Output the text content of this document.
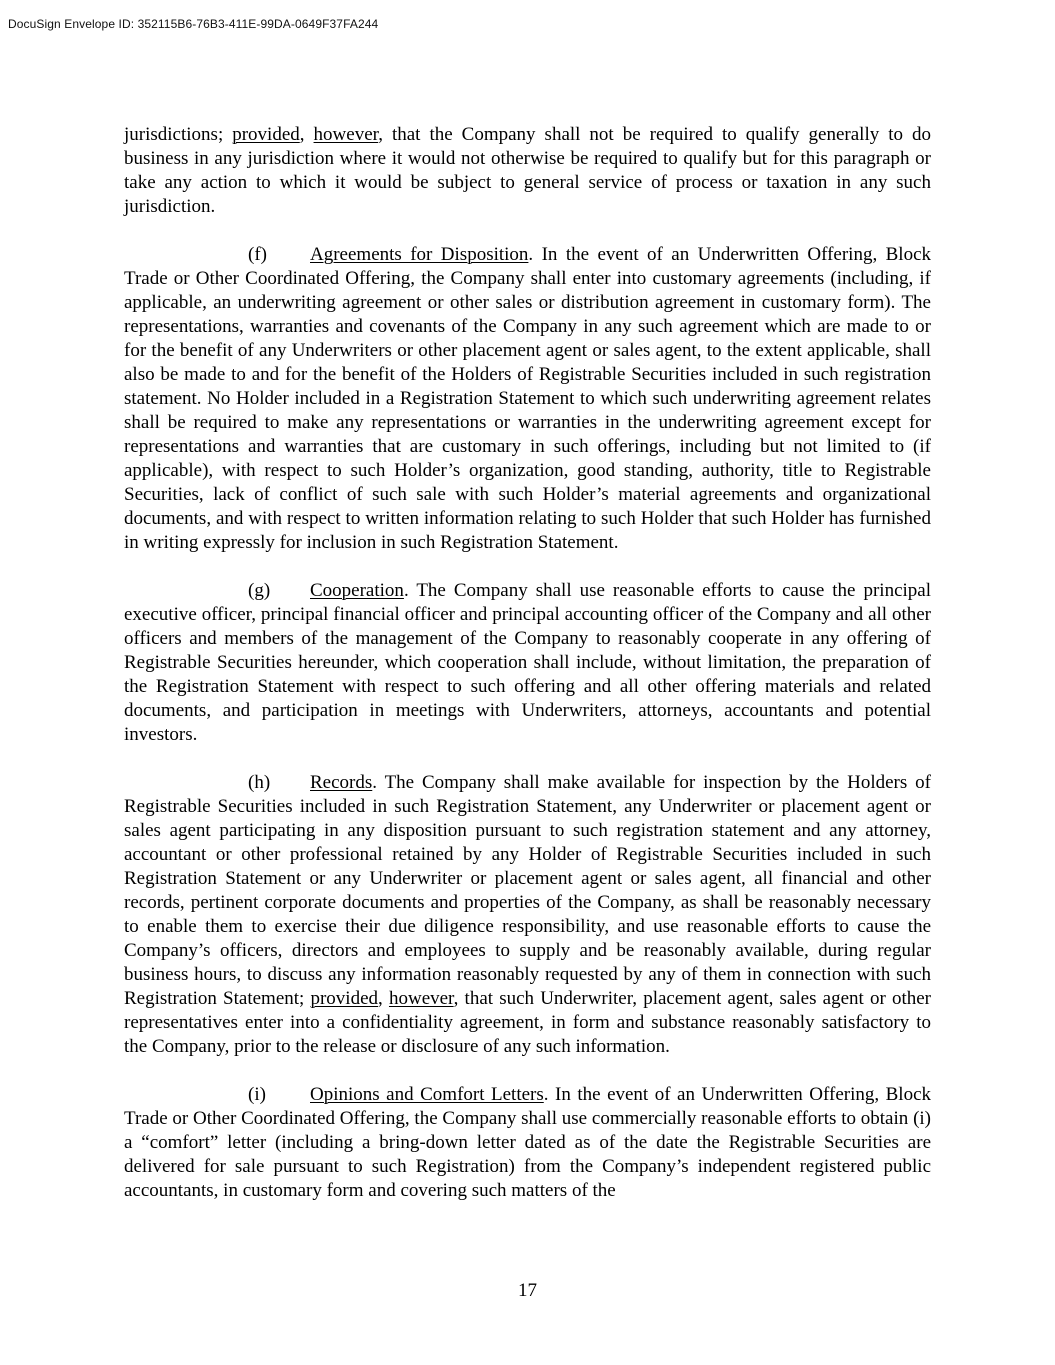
DocuSign Envelope ID: 352115B6-76B3-411E-99DA-0649F37FA244

jurisdictions; provided, however, that the Company shall not be required to qualify generally to do business in any jurisdiction where it would not otherwise be required to qualify but for this paragraph or take any action to which it would be subject to general service of process or taxation in any such jurisdiction.

(f) Agreements for Disposition. In the event of an Underwritten Offering, Block Trade or Other Coordinated Offering, the Company shall enter into customary agreements (including, if applicable, an underwriting agreement or other sales or distribution agreement in customary form). The representations, warranties and covenants of the Company in any such agreement which are made to or for the benefit of any Underwriters or other placement agent or sales agent, to the extent applicable, shall also be made to and for the benefit of the Holders of Registrable Securities included in such registration statement. No Holder included in a Registration Statement to which such underwriting agreement relates shall be required to make any representations or warranties in the underwriting agreement except for representations and warranties that are customary in such offerings, including but not limited to (if applicable), with respect to such Holder’s organization, good standing, authority, title to Registrable Securities, lack of conflict of such sale with such Holder’s material agreements and organizational documents, and with respect to written information relating to such Holder that such Holder has furnished in writing expressly for inclusion in such Registration Statement.

(g) Cooperation. The Company shall use reasonable efforts to cause the principal executive officer, principal financial officer and principal accounting officer of the Company and all other officers and members of the management of the Company to reasonably cooperate in any offering of Registrable Securities hereunder, which cooperation shall include, without limitation, the preparation of the Registration Statement with respect to such offering and all other offering materials and related documents, and participation in meetings with Underwriters, attorneys, accountants and potential investors.

(h) Records. The Company shall make available for inspection by the Holders of Registrable Securities included in such Registration Statement, any Underwriter or placement agent or sales agent participating in any disposition pursuant to such registration statement and any attorney, accountant or other professional retained by any Holder of Registrable Securities included in such Registration Statement or any Underwriter or placement agent or sales agent, all financial and other records, pertinent corporate documents and properties of the Company, as shall be reasonably necessary to enable them to exercise their due diligence responsibility, and use reasonable efforts to cause the Company’s officers, directors and employees to supply and be reasonably available, during regular business hours, to discuss any information reasonably requested by any of them in connection with such Registration Statement; provided, however, that such Underwriter, placement agent, sales agent or other representatives enter into a confidentiality agreement, in form and substance reasonably satisfactory to the Company, prior to the release or disclosure of any such information.

(i) Opinions and Comfort Letters. In the event of an Underwritten Offering, Block Trade or Other Coordinated Offering, the Company shall use commercially reasonable efforts to obtain (i) a “comfort” letter (including a bring-down letter dated as of the date the Registrable Securities are delivered for sale pursuant to such Registration) from the Company’s independent registered public accountants, in customary form and covering such matters of the

17
